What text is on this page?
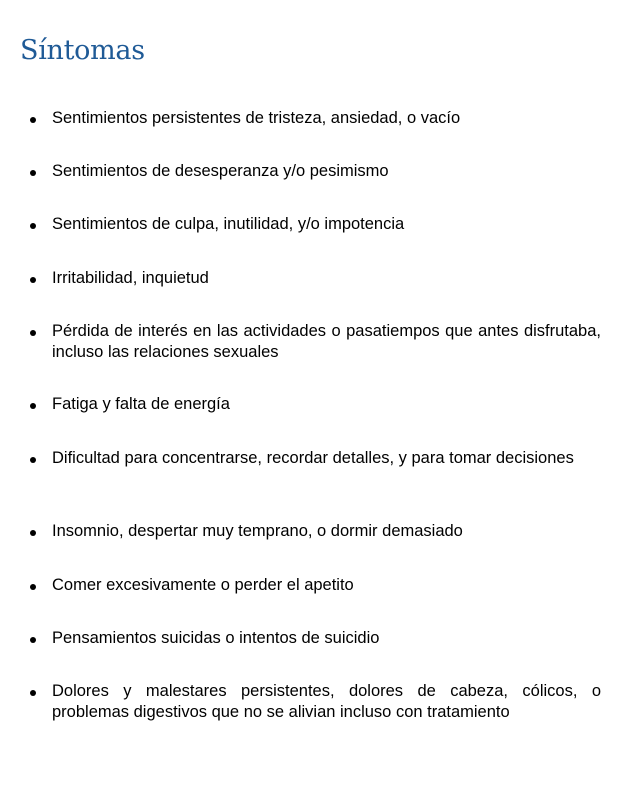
Síntomas
Sentimientos persistentes de tristeza, ansiedad, o vacío
Sentimientos de desesperanza y/o pesimismo
Sentimientos de culpa, inutilidad, y/o impotencia
Irritabilidad, inquietud
Pérdida de interés en las actividades o pasatiempos que antes disfrutaba, incluso las relaciones sexuales
Fatiga y falta de energía
Dificultad para concentrarse, recordar detalles, y para tomar decisiones
Insomnio, despertar muy temprano, o dormir demasiado
Comer excesivamente o perder el apetito
Pensamientos suicidas o intentos de suicidio
Dolores y malestares persistentes, dolores de cabeza, cólicos, o problemas digestivos que no se alivian incluso con tratamiento
